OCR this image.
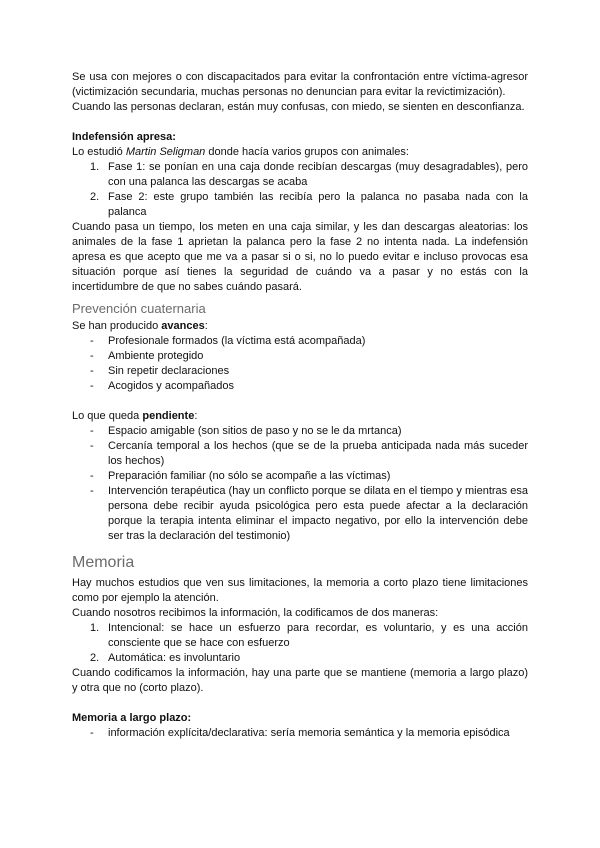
Se usa con mejores o con discapacitados para evitar la confrontación entre víctima-agresor (victimización secundaria, muchas personas no denuncian para evitar la revictimización).

Cuando las personas declaran, están muy confusas, con miedo, se sienten en desconfianza.

Indefensión apresa:

Lo estudió Martin Seligman donde hacía varios grupos con animales:

1. Fase 1: se ponían en una caja donde recibían descargas (muy desagradables), pero con una palanca las descargas se acaba
2. Fase 2: este grupo también las recibía pero la palanca no pasaba nada con la palanca

Cuando pasa un tiempo, los meten en una caja similar, y les dan descargas aleatorias: los animales de la fase 1 aprietan la palanca pero la fase 2 no intenta nada. La indefensión apresa es que acepto que me va a pasar si o si, no lo puedo evitar e incluso provocas esa situación porque así tienes la seguridad de cuándo va a pasar y no estás con la incertidumbre de que no sabes cuándo pasará.

Prevención cuaternaria

Se han producido avances:

- Profesionale formados (la víctima está acompañada)
- Ambiente protegido
- Sin repetir declaraciones
- Acogidos y acompañados

Lo que queda pendiente:

- Espacio amigable (son sitios de paso y no se le da mrtanca)
- Cercanía temporal a los hechos (que se de la prueba anticipada nada más suceder los hechos)
- Preparación familiar (no sólo se acompañe a las víctimas)
- Intervención terapéutica (hay un conflicto porque se dilata en el tiempo y mientras esa persona debe recibir ayuda psicológica pero esta puede afectar a la declaración porque la terapia intenta eliminar el impacto negativo, por ello la intervención debe ser tras la declaración del testimonio)
Memoria

Hay muchos estudios que ven sus limitaciones, la memoria a corto plazo tiene limitaciones como por ejemplo la atención.

Cuando nosotros recibimos la información, la codificamos de dos maneras:

1. Intencional: se hace un esfuerzo para recordar, es voluntario, y es una acción consciente que se hace con esfuerzo
2. Automática: es involuntario

Cuando codificamos la información, hay una parte que se mantiene (memoria a largo plazo) y otra que no (corto plazo).

Memoria a largo plazo:

- información explícita/declarativa: sería memoria semántica y la memoria episódica
